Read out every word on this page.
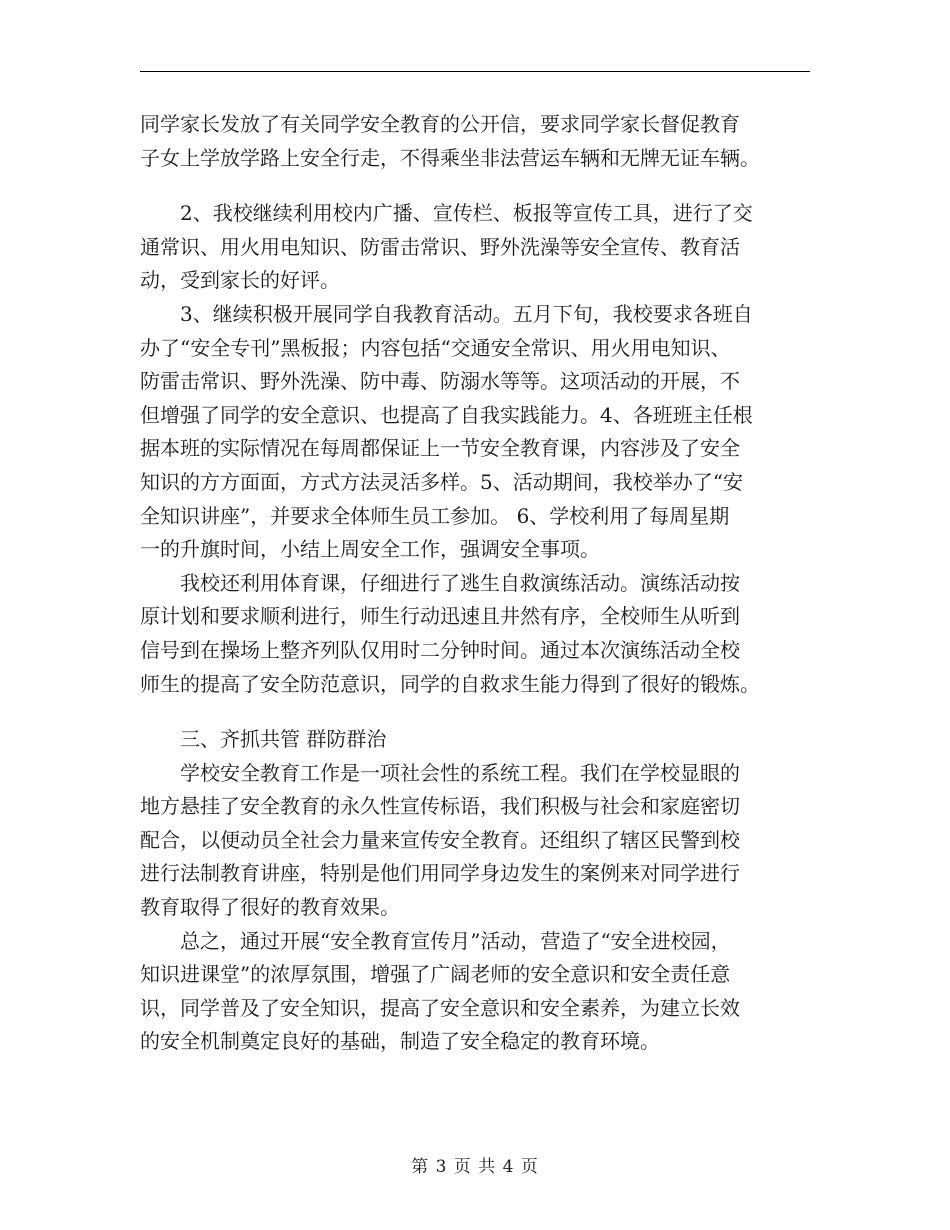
同学家长发放了有关同学安全教育的公开信，要求同学家长督促教育
子女上学放学路上安全行走，不得乘坐非法营运车辆和无牌无证车辆。
　　2、我校继续利用校内广播、宣传栏、板报等宣传工具，进行了交
通常识、用火用电知识、防雷击常识、野外洗澡等安全宣传、教育活
动，受到家长的好评。
　　3、继续积极开展同学自我教育活动。五月下旬，我校要求各班自
办了“安全专刊”黑板报；内容包括“交通安全常识、用火用电知识、
防雷击常识、野外洗澡、防中毒、防溺水等等。这项活动的开展，不
但增强了同学的安全意识、也提高了自我实践能力。4、各班班主任根
据本班的实际情况在每周都保证上一节安全教育课，内容涉及了安全
知识的方方面面，方式方法灵活多样。5、活动期间，我校举办了“安
全知识讲座”，并要求全体师生员工参加。 6、学校利用了每周星期
一的升旗时间，小结上周安全工作，强调安全事项。
　　我校还利用体育课，仔细进行了逃生自救演练活动。演练活动按
原计划和要求顺利进行，师生行动迅速且井然有序，全校师生从听到
信号到在操场上整齐列队仅用时二分钟时间。通过本次演练活动全校
师生的提高了安全防范意识，同学的自救求生能力得到了很好的锻炼。
　　三、齐抓共管 群防群治
　　学校安全教育工作是一项社会性的系统工程。我们在学校显眼的
地方悬挂了安全教育的永久性宣传标语，我们积极与社会和家庭密切
配合，以便动员全社会力量来宣传安全教育。还组织了辖区民警到校
进行法制教育讲座，特别是他们用同学身边发生的案例来对同学进行
教育取得了很好的教育效果。
　　总之，通过开展“安全教育宣传月”活动，营造了“安全进校园，
知识进课堂”的浓厚氛围，增强了广阔老师的安全意识和安全责任意
识，同学普及了安全知识，提高了安全意识和安全素养，为建立长效
的安全机制奠定良好的基础，制造了安全稳定的教育环境。
第 3 页 共 4 页
